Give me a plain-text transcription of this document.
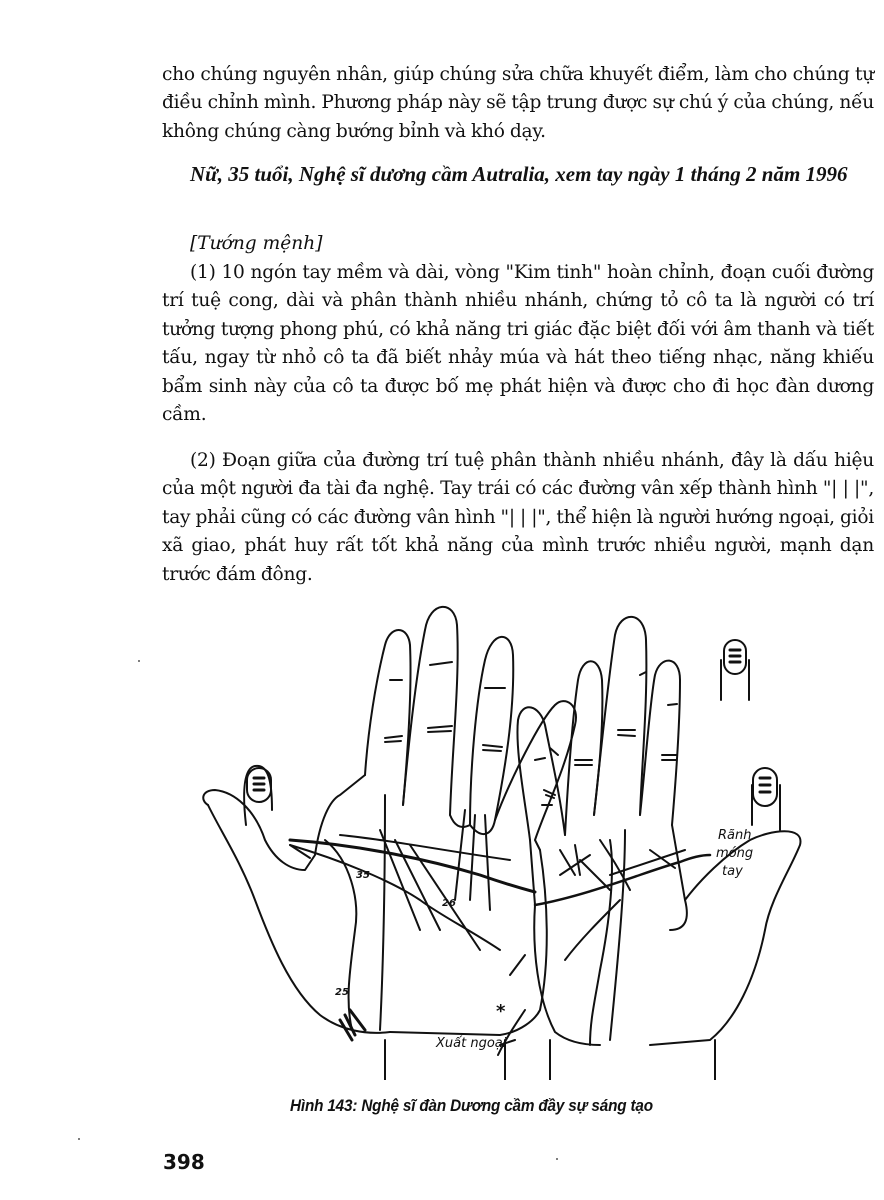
cho chúng nguyên nhân, giúp chúng sửa chữa khuyết điểm, làm cho chúng tự điều chỉnh mình. Phương pháp này sẽ tập trung được sự chú ý của chúng, nếu không chúng càng bướng bỉnh và khó dạy.

Nữ, 35 tuổi, Nghệ sĩ dương cầm Autralia, xem tay ngày 1 tháng 2 năm 1996

[Tướng mệnh]

(1) 10 ngón tay mềm và dài, vòng "Kim tinh" hoàn chỉnh, đoạn cuối đường trí tuệ cong, dài và phân thành nhiều nhánh, chứng tỏ cô ta là người có trí tưởng tượng phong phú, có khả năng tri giác đặc biệt đối với âm thanh và tiết tấu, ngay từ nhỏ cô ta đã biết nhảy múa và hát theo tiếng nhạc, năng khiếu bẩm sinh này của cô ta được bố mẹ phát hiện và được cho đi học đàn dương cầm.

(2) Đoạn giữa của đường trí tuệ phân thành nhiều nhánh, đây là dấu hiệu của một người đa tài đa nghệ. Tay trái có các đường vân xếp thành hình "| | |", tay phải cũng có các đường vân hình "| | |", thể hiện là người hướng ngoại, giỏi xã giao, phát huy rất tốt khả năng của mình trước nhiều người, mạnh dạn trước đám đông.

35
26
25
Rãnh
móng
tay
*
Xuất ngoại
Hình 143: Nghệ sĩ đàn Dương cầm đầy sự sáng tạo
398
